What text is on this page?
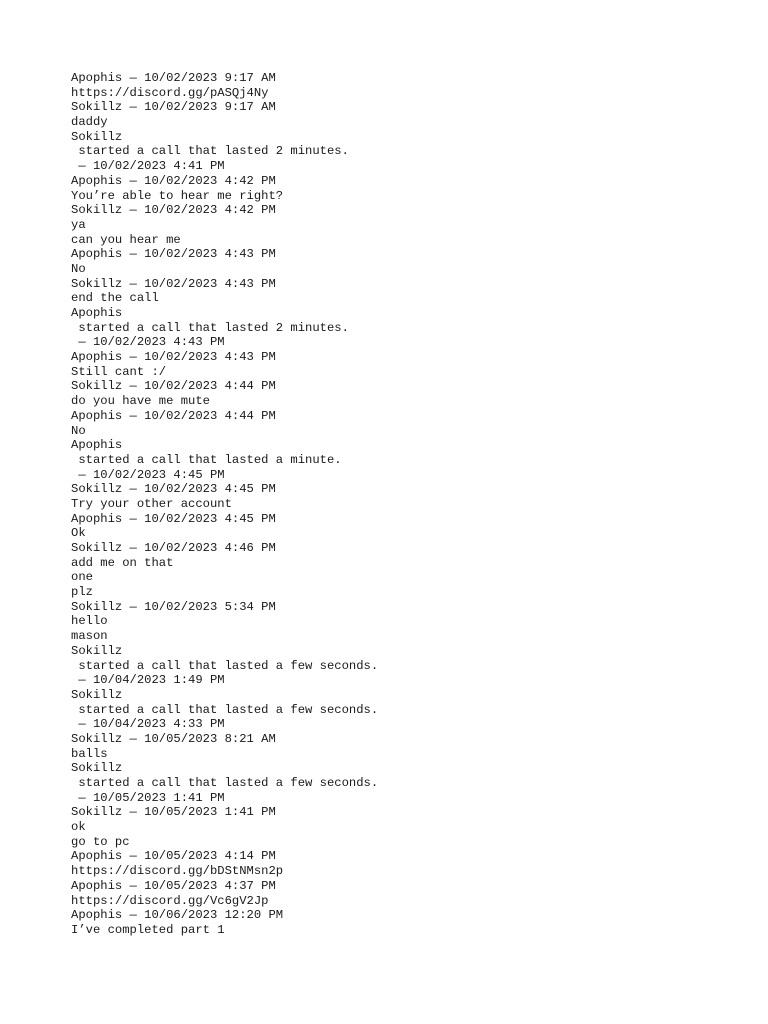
Apophis — 10/02/2023 9:17 AM
https://discord.gg/pASQj4Ny
Sokillz — 10/02/2023 9:17 AM
daddy
Sokillz
started a call that lasted 2 minutes.
— 10/02/2023 4:41 PM
Apophis — 10/02/2023 4:42 PM
You’re able to hear me right?
Sokillz — 10/02/2023 4:42 PM
ya
can you hear me
Apophis — 10/02/2023 4:43 PM
No
Sokillz — 10/02/2023 4:43 PM
end the call
Apophis
started a call that lasted 2 minutes.
— 10/02/2023 4:43 PM
Apophis — 10/02/2023 4:43 PM
Still cant :/
Sokillz — 10/02/2023 4:44 PM
do you have me mute
Apophis — 10/02/2023 4:44 PM
No
Apophis
started a call that lasted a minute.
— 10/02/2023 4:45 PM
Sokillz — 10/02/2023 4:45 PM
Try your other account
Apophis — 10/02/2023 4:45 PM
Ok
Sokillz — 10/02/2023 4:46 PM
add me on that
one
plz
Sokillz — 10/02/2023 5:34 PM
hello
mason
Sokillz
started a call that lasted a few seconds.
— 10/04/2023 1:49 PM
Sokillz
started a call that lasted a few seconds.
— 10/04/2023 4:33 PM
Sokillz — 10/05/2023 8:21 AM
balls
Sokillz
started a call that lasted a few seconds.
— 10/05/2023 1:41 PM
Sokillz — 10/05/2023 1:41 PM
ok
go to pc
Apophis — 10/05/2023 4:14 PM
https://discord.gg/bDStNMsn2p
Apophis — 10/05/2023 4:37 PM
https://discord.gg/Vc6gV2Jp
Apophis — 10/06/2023 12:20 PM
I’ve completed part 1
